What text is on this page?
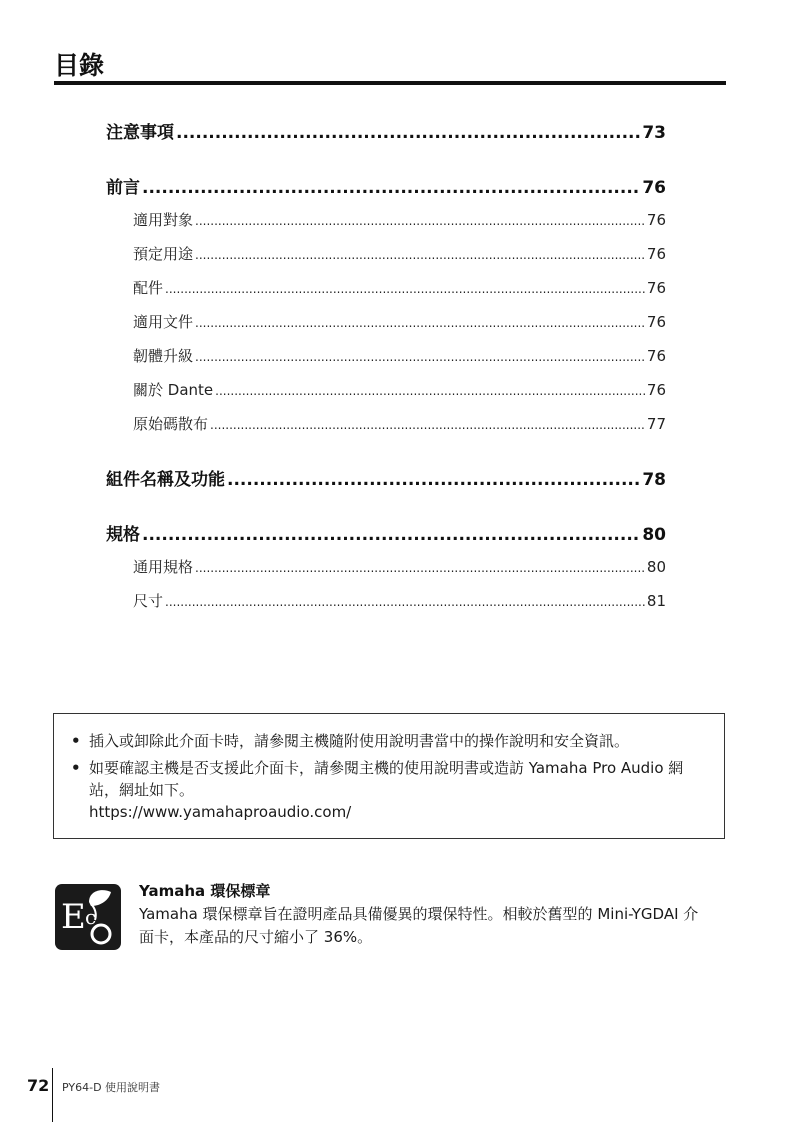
目錄
注意事項 .....	73
前言 .....	76
適用對象 .....	76
預定用途 .....	76
配件 .....	76
適用文件 .....	76
韌體升級 .....	76
關於 Dante .....	76
原始碼散布 .....	77
組件名稱及功能 .....	78
規格 .....	80
通用規格 .....	80
尺寸 .....	81
• 插入或卸除此介面卡時，請參閱主機隨附使用說明書當中的操作說明和安全資訊。
• 如要確認主機是否支援此介面卡，請參閱主機的使用說明書或造訪 Yamaha Pro Audio 網站，網址如下。
https://www.yamahaproaudio.com/
E c
Yamaha 環保標章
Yamaha 環保標章旨在證明產品具備優異的環保特性。相較於舊型的 Mini-YGDAI 介面卡，本產品的尺寸縮小了 36%。
72 PY64-D 使用說明書
